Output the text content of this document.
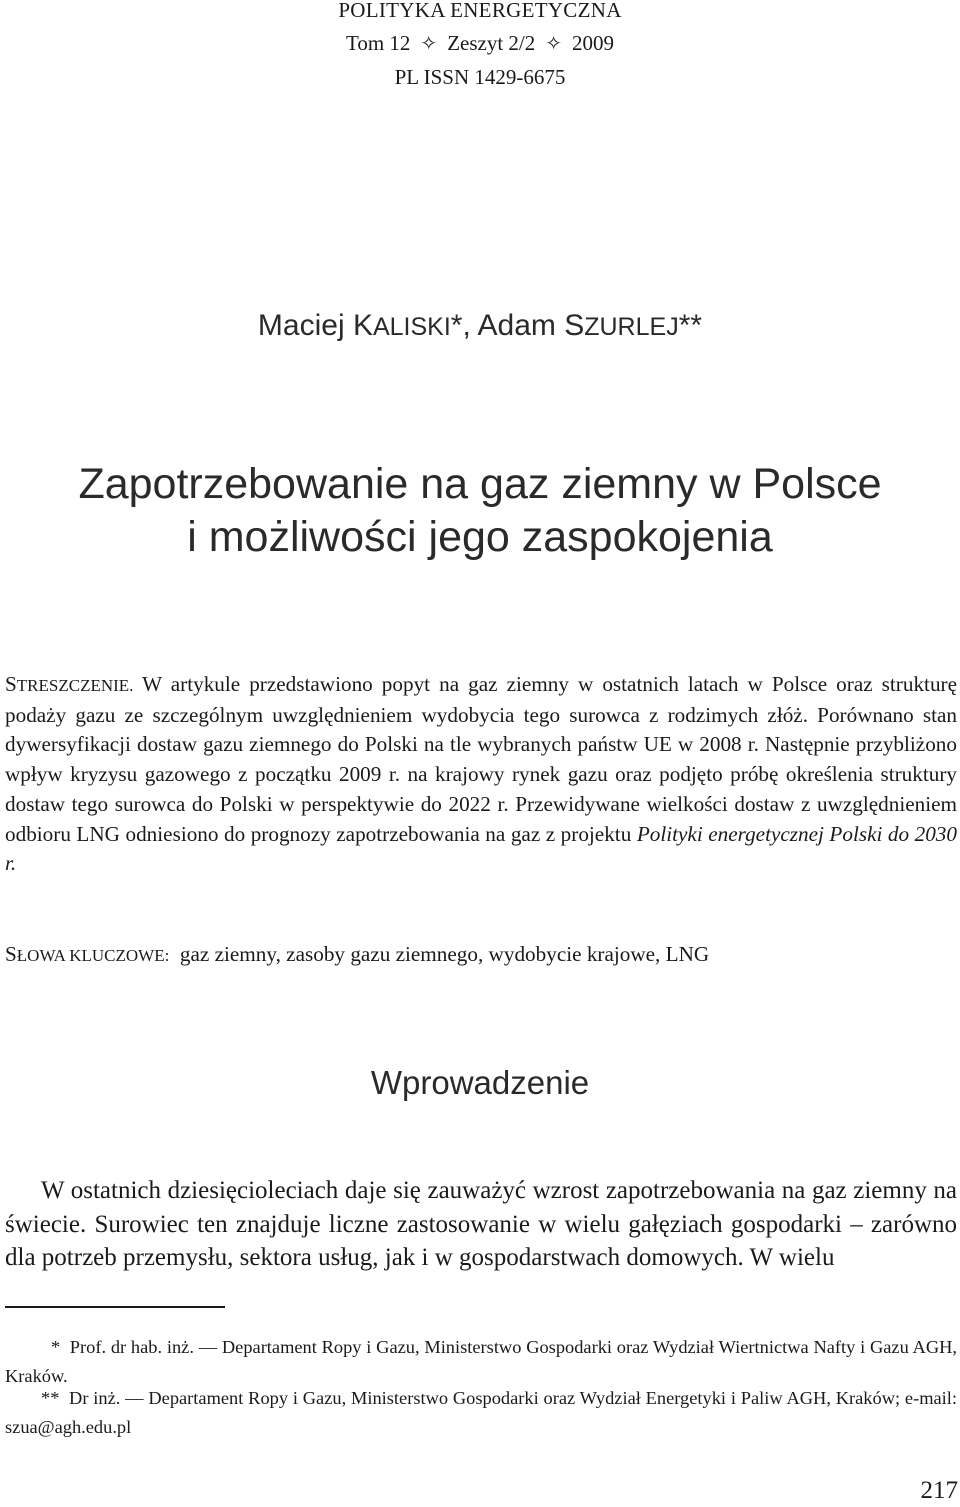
POLITYKA ENERGETYCZNA
Tom 12 ✧ Zeszyt 2/2 ✧ 2009
PL ISSN 1429-6675
Maciej KALISKI*, Adam SZURLEJ**
Zapotrzebowanie na gaz ziemny w Polsce
i możliwości jego zaspokojenia

STRESZCZENIE. W artykule przedstawiono popyt na gaz ziemny w ostatnich latach w Polsce oraz strukturę podaży gazu ze szczególnym uwzględnieniem wydobycia tego surowca z rodzimych złóż. Porównano stan dywersyfikacji dostaw gazu ziemnego do Polski na tle wybranych państw UE w 2008 r. Następnie przybliżono wpływ kryzysu gazowego z początku 2009 r. na krajowy rynek gazu oraz podjęto próbę określenia struktury dostaw tego surowca do Polski w perspektywie do 2022 r. Przewidywane wielkości dostaw z uwzględnieniem odbioru LNG odniesiono do prognozy zapotrzebowania na gaz z projektu Polityki energetycznej Polski do 2030 r.

SŁOWA KLUCZOWE: gaz ziemny, zasoby gazu ziemnego, wydobycie krajowe, LNG
Wprowadzenie

W ostatnich dziesięcioleciach daje się zauważyć wzrost zapotrzebowania na gaz ziemny na świecie. Surowiec ten znajduje liczne zastosowanie w wielu gałęziach gospodarki – zarówno dla potrzeb przemysłu, sektora usług, jak i w gospodarstwach domowych. W wielu

* Prof. dr hab. inż. — Departament Ropy i Gazu, Ministerstwo Gospodarki oraz Wydział Wiertnictwa Nafty i Gazu AGH, Kraków.

** Dr inż. — Departament Ropy i Gazu, Ministerstwo Gospodarki oraz Wydział Energetyki i Paliw AGH, Kraków; e-mail: szua@agh.edu.pl

217
